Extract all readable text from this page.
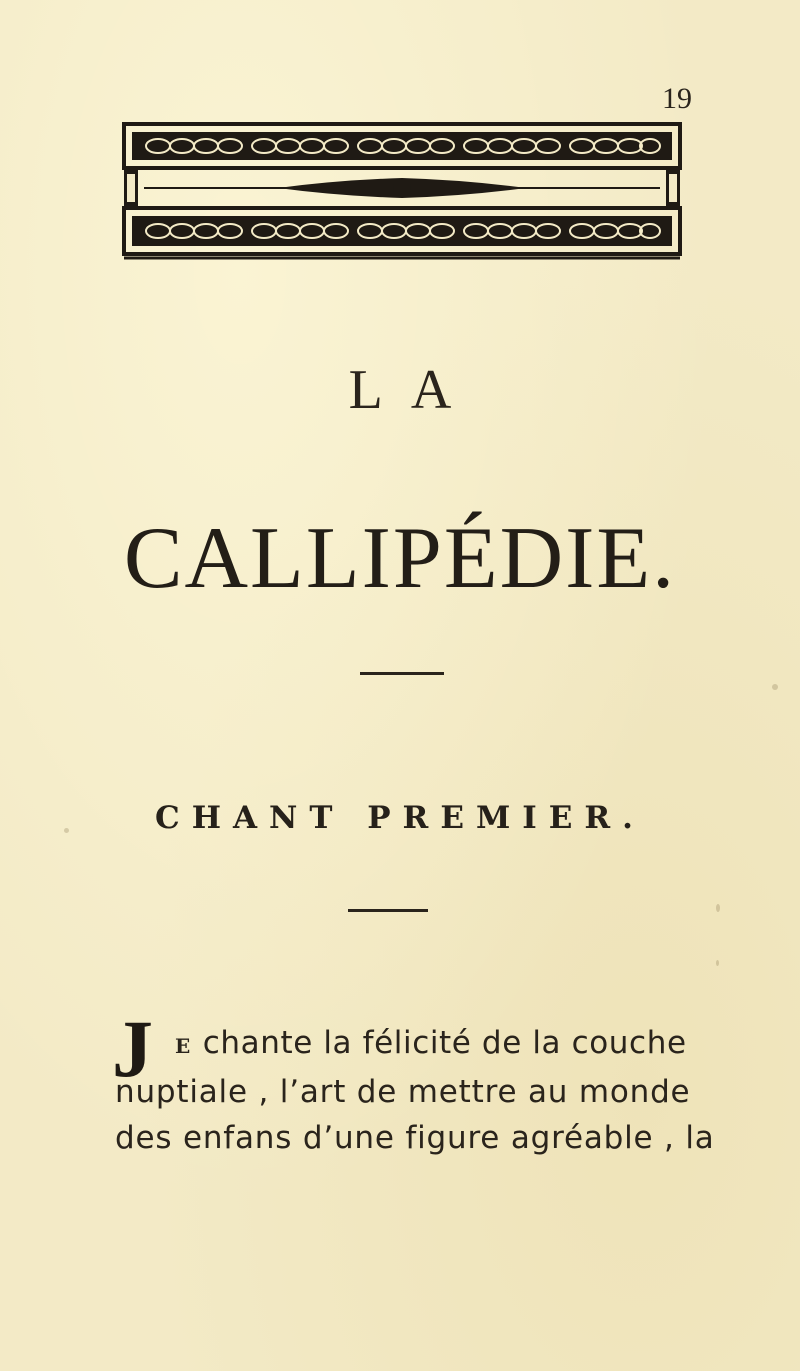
19
LA
CALLIPÉDIE.
CHANT PREMIER.
J	E chante la félicité de la couche
nuptiale , l’art de mettre au monde
des enfans d’une figure agréable , la
